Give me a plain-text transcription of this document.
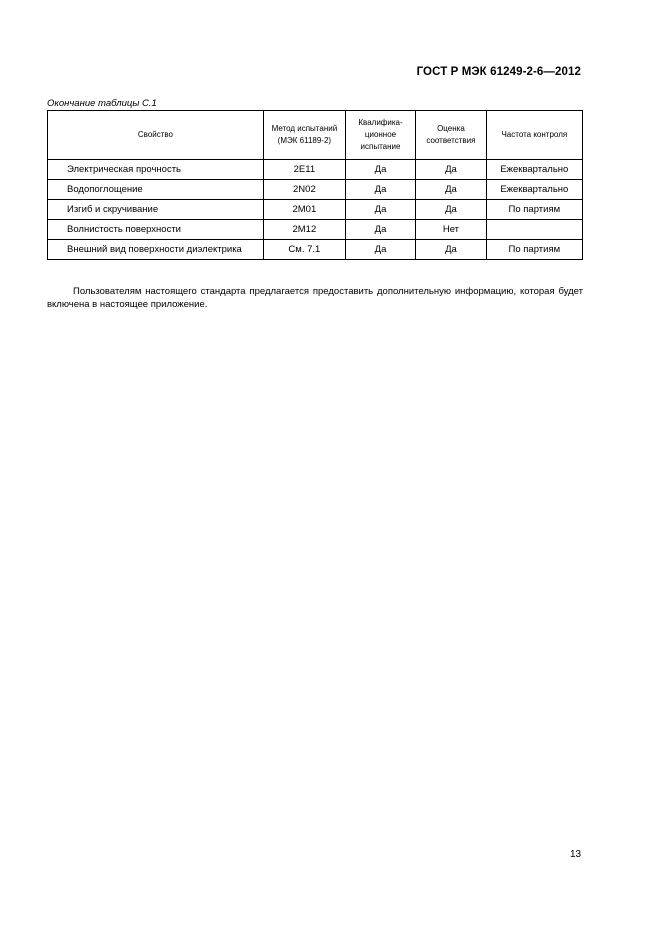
ГОСТ Р МЭК 61249-2-6—2012
Окончание таблицы С.1
Свойство	Метод испытаний (МЭК 61189-2)	Квалифика- ционное испытание	Оценка соответствия	Частота контроля
Электрическая прочность	2E11	Да	Да	Ежеквартально
Водопоглощение	2N02	Да	Да	Ежеквартально
Изгиб и скручивание	2M01	Да	Да	По партиям
Волнистость поверхности	2M12	Да	Нет	
Внешний вид поверхности диэлектрика	См. 7.1	Да	Да	По партиям

Пользователям настоящего стандарта предлагается предоставить дополнительную информацию, которая будет включена в настоящее приложение.

13
